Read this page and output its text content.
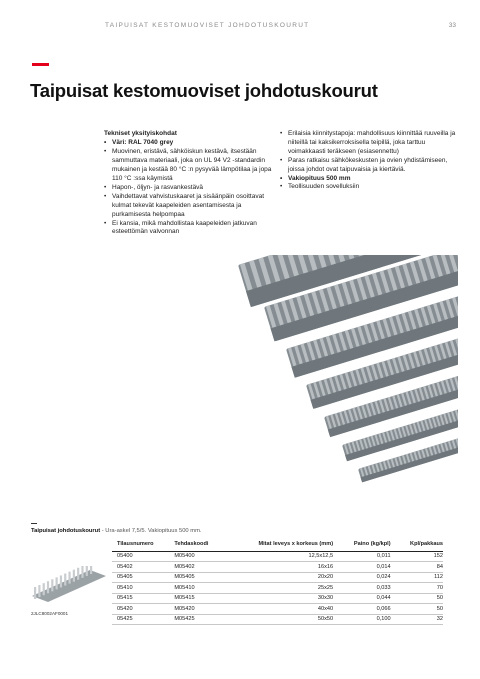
TAIPUISAT KESTOMUOVISET JOHDOTUSKOURUT	33
Taipuisat kestomuoviset johdotuskourut
Tekniset yksityiskohdat
• Väri: RAL 7040 grey
• Muovinen, eristävä, sähköiskun kestävä, itsestään sammuttava materiaali, joka on UL 94 V2 -standardin mukainen ja kestää 80 °C :n pysyvää lämpötilaa ja jopa 110 °C :ssa käymistä
• Hapon-, öljyn- ja rasvankestävä
• Vaihdettavat vahvistuskaaret ja sisäänpäin osoittavat kulmat tekevät kaapeleiden asentamisesta ja purkamisesta helpompaa
• Ei kansia, mikä mahdollistaa kaapeleiden jatkuvan esteettömän valvonnan
• Erilaisia kiinnitystapoja: mahdollisuus kiinnittää ruuveilla ja niiteillä tai kaksikerroksisella teipillä, joka tarttuu voimakkaasti teräkseen (esiasennettu)
• Paras ratkaisu sähkökeskusten ja ovien yhdistämiseen, joissa johdot ovat taipuvaisia ja kiertäviä.
• Vakiopituus 500 mm
• Teollisuuden sovelluksiin
Taipuisat johdotuskourut - Ura-askel 7,5/5. Vakiopituus 500 mm.
2JLC8002AF0001
Tilausnumero	Tehdaskoodi	Mitat leveys x korkeus (mm)	Paino (kg/kpl)	Kpl/pakkaus
05400	M05400	12,5x12,5	0,011	152
05402	M05402	16x16	0,014	84
05405	M05405	20x20	0,024	112
05410	M05410	25x25	0,033	70
05415	M05415	30x30	0,044	50
05420	M05420	40x40	0,066	50
05425	M05425	50x50	0,100	32
